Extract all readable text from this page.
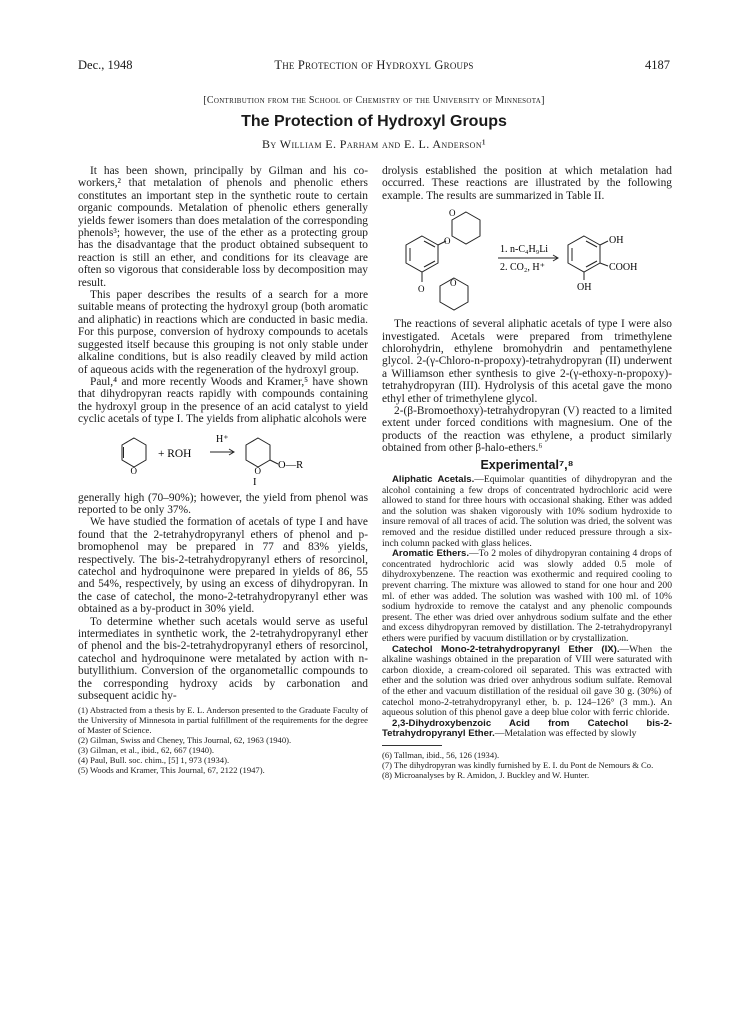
Dec., 1948	The Protection of Hydroxyl Groups	4187
[Contribution from the School of Chemistry of the University of Minnesota]
The Protection of Hydroxyl Groups
By William E. Parham and E. L. Anderson¹

It has been shown, principally by Gilman and his co-workers,² that metalation of phenols and phenolic ethers constitutes an important step in the synthetic route to certain organic compounds. Metalation of phenolic ethers generally yields fewer isomers than does metalation of the corresponding phenols³; however, the use of the ether as a protecting group has the disadvantage that the product obtained subsequent to reaction is still an ether, and conditions for its cleavage are often so vigorous that considerable loss by decomposition may result.

This paper describes the results of a search for a more suitable means of protecting the hydroxyl group (both aromatic and aliphatic) in reactions which are conducted in basic media. For this purpose, conversion of hydroxy compounds to acetals suggested itself because this grouping is not only stable under alkaline conditions, but is also readily cleaved by mild action of aqueous acids with the regeneration of the hydroxyl group.

Paul,⁴ and more recently Woods and Kramer,⁵ have shown that dihydropyran reacts rapidly with compounds containing the hydroxyl group in the presence of an acid catalyst to yield cyclic acetals of type I. The yields from aliphatic alcohols were

O
+ ROH
H⁺
O O—R
I

generally high (70–90%); however, the yield from phenol was reported to be only 37%.

We have studied the formation of acetals of type I and have found that the 2-tetrahydropyranyl ethers of phenol and p-bromophenol may be prepared in 77 and 83% yields, respectively. The bis-2-tetrahydropyranyl ethers of resorcinol, catechol and hydroquinone were prepared in yields of 86, 55 and 54%, respectively, by using an excess of dihydropyran. In the case of catechol, the mono-2-tetrahydropyranyl ether was obtained as a by-product in 30% yield.

To determine whether such acetals would serve as useful intermediates in synthetic work, the 2-tetrahydropyranyl ether of phenol and the bis-2-tetrahydropyranyl ethers of resorcinol, catechol and hydroquinone were metalated by action with n-butyllithium. Conversion of the organometallic compounds to the corresponding hydroxy acids by carbonation and subsequent acidic hy-

(1) Abstracted from a thesis by E. L. Anderson presented to the Graduate Faculty of the University of Minnesota in partial fulfillment of the requirements for the degree of Master of Science.
(2) Gilman, Swiss and Cheney, This Journal, 62, 1963 (1940).
(3) Gilman, et al., ibid., 62, 667 (1940).
(4) Paul, Bull. soc. chim., [5] 1, 973 (1934).
(5) Woods and Kramer, This Journal, 67, 2122 (1947).

drolysis established the position at which metalation had occurred. These reactions are illustrated by the following example. The results are summarized in Table II.

O
O
O
O
1. n-C₄H₉Li
2. CO₂, H⁺
OH
COOH
OH

The reactions of several aliphatic acetals of type I were also investigated. Acetals were prepared from trimethylene chlorohydrin, ethylene bromohydrin and pentamethylene glycol. 2-(γ-Chloro-n-propoxy)-tetrahydropyran (II) underwent a Williamson ether synthesis to give 2-(γ-ethoxy-n-propoxy)-tetrahydropyran (III). Hydrolysis of this acetal gave the mono ethyl ether of trimethylene glycol.

2-(β-Bromoethoxy)-tetrahydropyran (V) reacted to a limited extent under forced conditions with magnesium. One of the products of the reaction was ethylene, a product similarly obtained from other β-halo-ethers.⁶

Experimental⁷,⁸

Aliphatic Acetals.—Equimolar quantities of dihydropyran and the alcohol containing a few drops of concentrated hydrochloric acid were allowed to stand for three hours with occasional shaking. Ether was added and the solution was shaken vigorously with 10% sodium hydroxide to insure removal of all traces of acid. The solution was dried, the solvent was removed and the residue distilled under reduced pressure through a six-inch column packed with glass helices.

Aromatic Ethers.—To 2 moles of dihydropyran containing 4 drops of concentrated hydrochloric acid was slowly added 0.5 mole of dihydroxybenzene. The reaction was exothermic and required cooling to prevent charring. The mixture was allowed to stand for one hour and 200 ml. of ether was added. The solution was washed with 100 ml. of 10% sodium hydroxide to remove the catalyst and any phenolic compounds present. The ether was dried over anhydrous sodium sulfate and the ether and excess dihydropyran removed by distillation. The 2-tetrahydropyranyl ethers were purified by vacuum distillation or by crystallization.

Catechol Mono-2-tetrahydropyranyl Ether (IX).—When the alkaline washings obtained in the preparation of VIII were saturated with carbon dioxide, a cream-colored oil separated. This was extracted with ether and the solution was dried over anhydrous sodium sulfate. Removal of the ether and vacuum distillation of the residual oil gave 30 g. (30%) of catechol mono-2-tetrahydropyranyl ether, b. p. 124–126° (3 mm.). An aqueous solution of this phenol gave a deep blue color with ferric chloride.

2,3-Dihydroxybenzoic Acid from Catechol bis-2-Tetrahydropyranyl Ether.—Metalation was effected by slowly

(6) Tallman, ibid., 56, 126 (1934).
(7) The dihydropyran was kindly furnished by E. I. du Pont de Nemours & Co.
(8) Microanalyses by R. Amidon, J. Buckley and W. Hunter.
